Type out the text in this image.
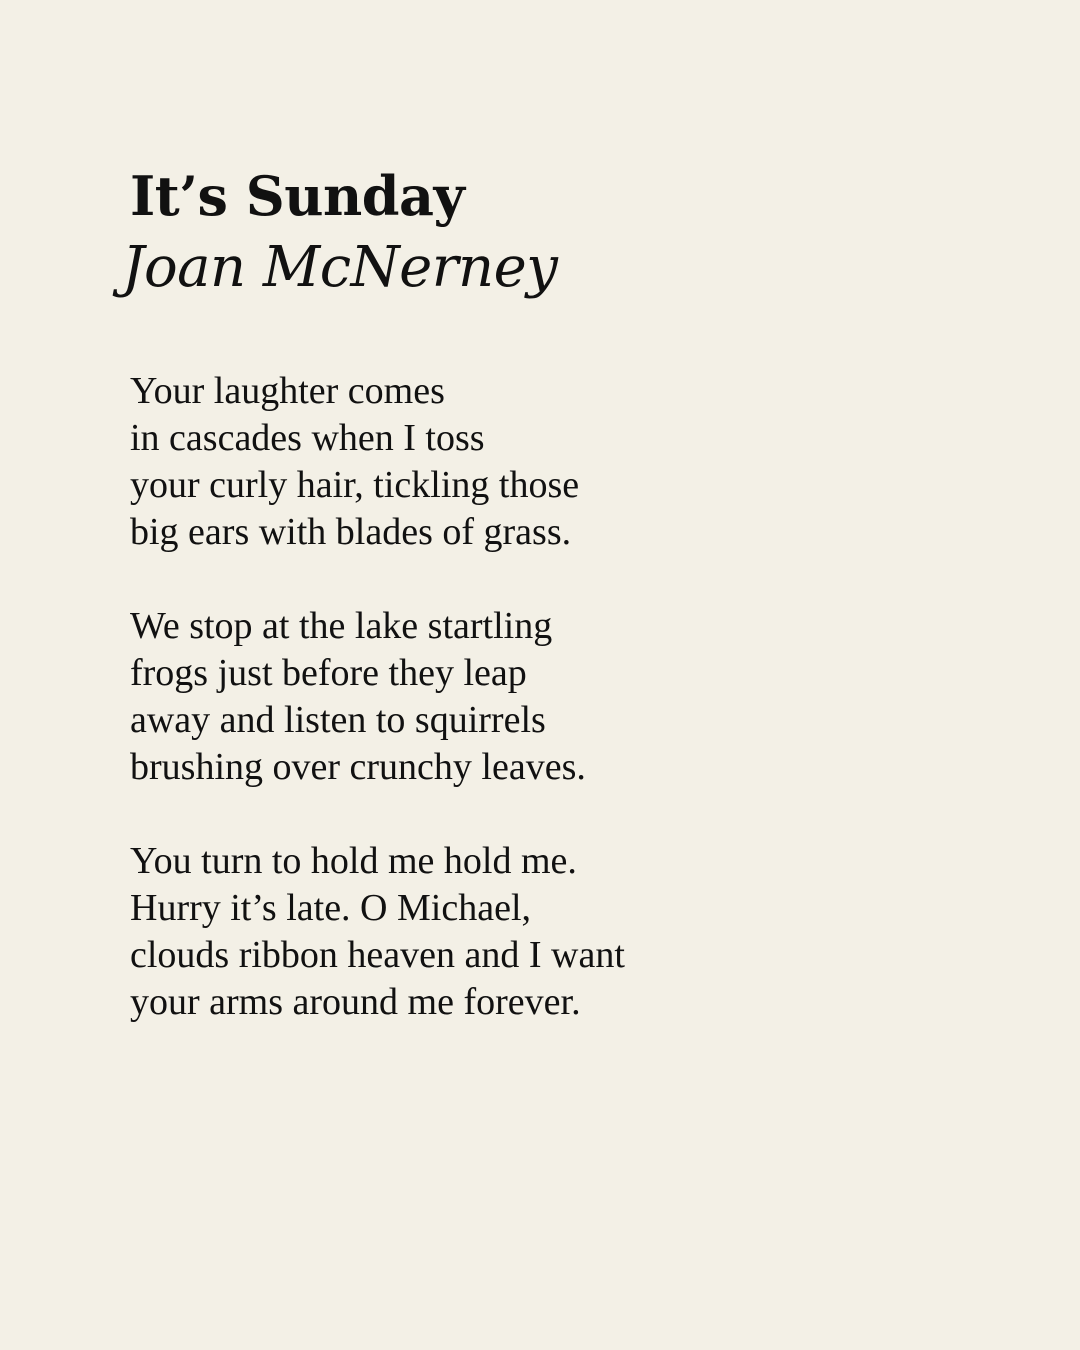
It’s Sunday
Joan McNerney
Your laughter comes
in cascades when I toss
your curly hair, tickling those
big ears with blades of grass.
We stop at the lake startling
frogs just before they leap
away and listen to squirrels
brushing over crunchy leaves.
You turn to hold me hold me.
Hurry it’s late. O Michael,
clouds ribbon heaven and I want
your arms around me forever.
